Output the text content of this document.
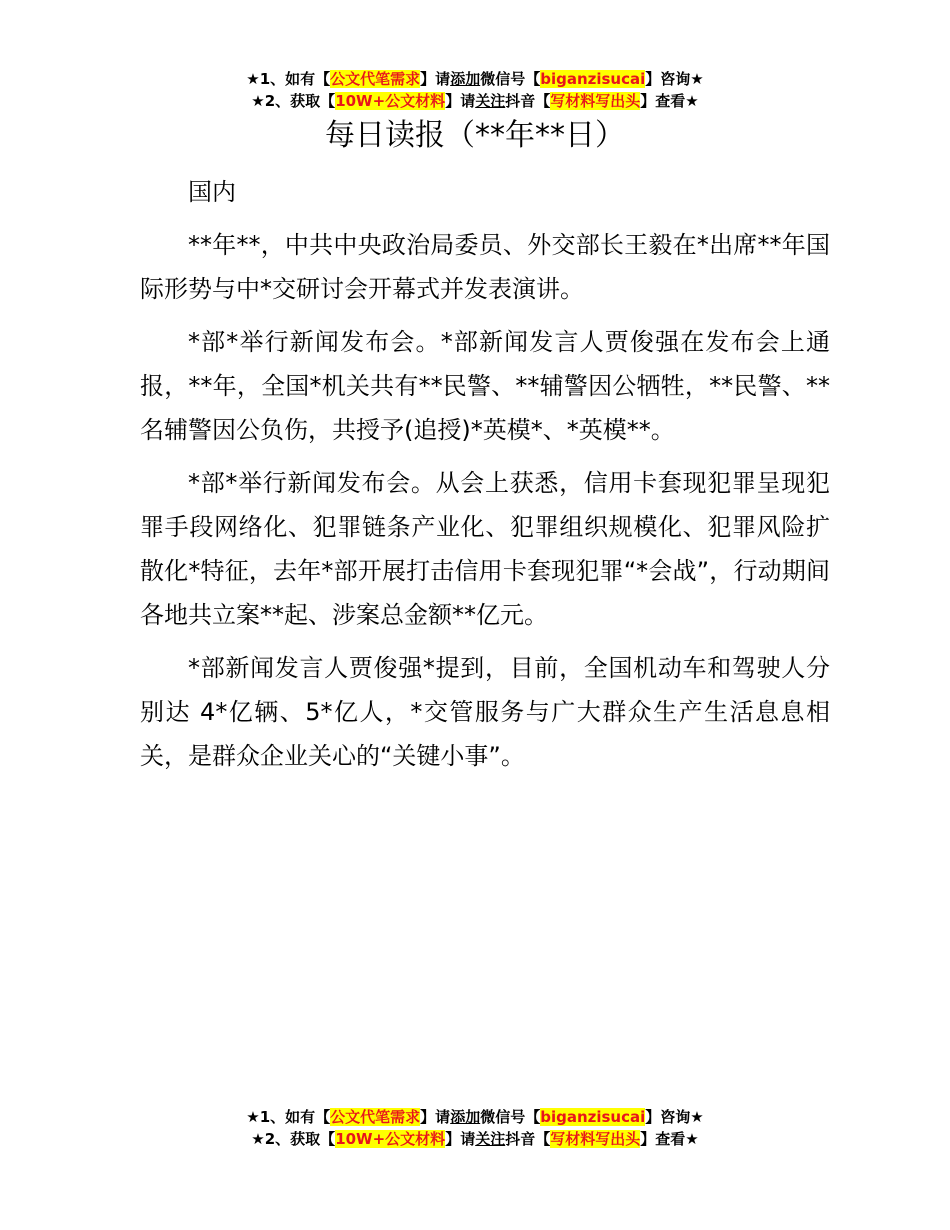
★1、如有【公文代笔需求】请添加微信号【biganzisucai】咨询★
★2、获取【10W+公文材料】请关注抖音【写材料写出头】查看★
每日读报（**年**日）

国内

**年**，中共中央政治局委员、外交部长王毅在*出席**年国际形势与中*交研讨会开幕式并发表演讲。

*部*举行新闻发布会。*部新闻发言人贾俊强在发布会上通报，**年，全国*机关共有**民警、**辅警因公牺牲，**民警、**名辅警因公负伤，共授予(追授)*英模*、*英模**。

*部*举行新闻发布会。从会上获悉，信用卡套现犯罪呈现犯罪手段网络化、犯罪链条产业化、犯罪组织规模化、犯罪风险扩散化*特征，去年*部开展打击信用卡套现犯罪“*会战”，行动期间各地共立案**起、涉案总金额**亿元。

*部新闻发言人贾俊强*提到，目前，全国机动车和驾驶人分别达 4*亿辆、5*亿人，*交管服务与广大群众生产生活息息相关，是群众企业关心的“关键小事”。

★1、如有【公文代笔需求】请添加微信号【biganzisucai】咨询★
★2、获取【10W+公文材料】请关注抖音【写材料写出头】查看★
